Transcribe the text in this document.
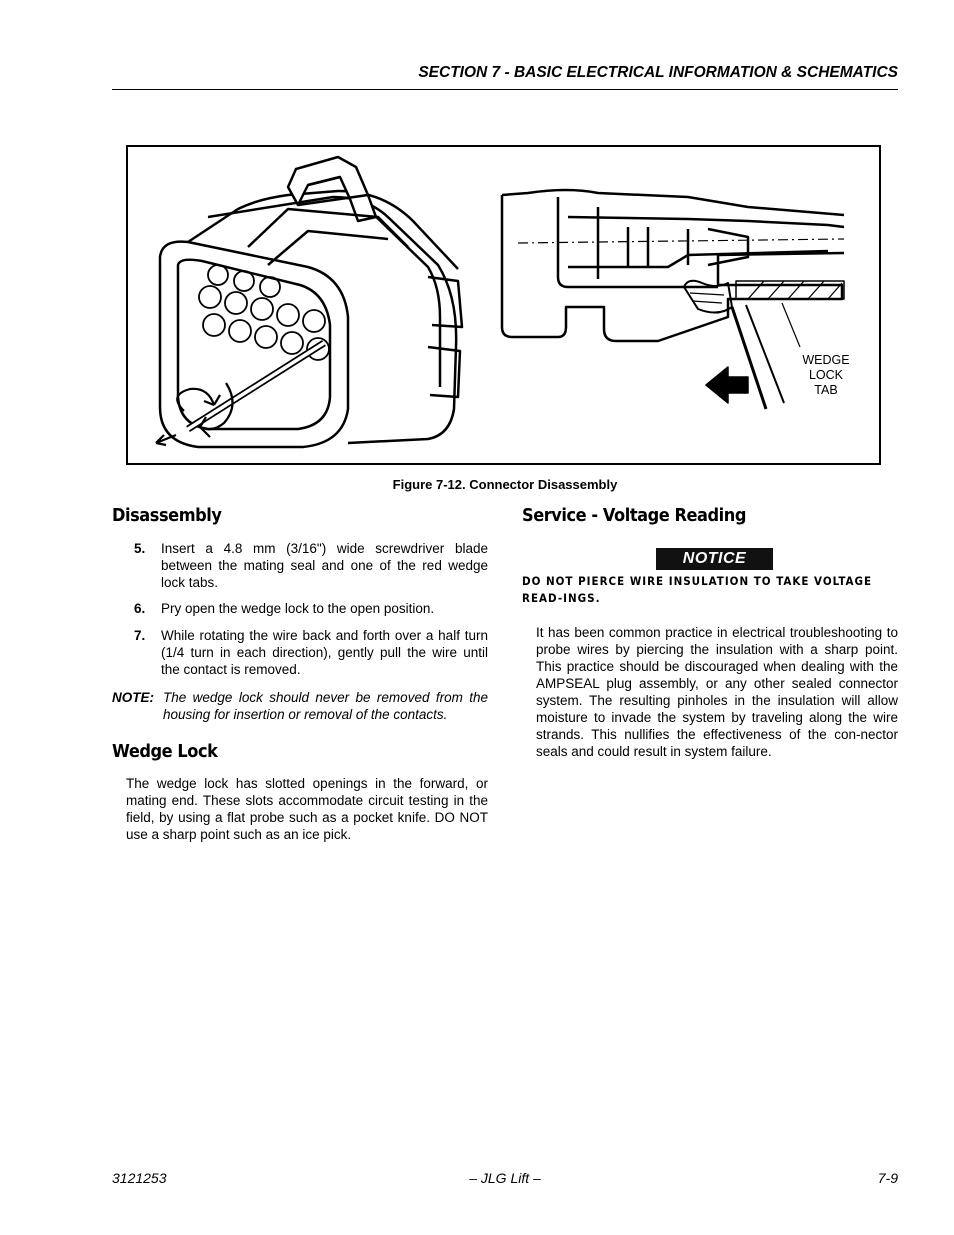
SECTION 7 - BASIC ELECTRICAL INFORMATION & SCHEMATICS
WEDGE
LOCK
TAB
Figure 7-12. Connector Disassembly
Disassembly
5. Insert a 4.8 mm (3/16") wide screwdriver blade between the mating seal and one of the red wedge lock tabs.
6. Pry open the wedge lock to the open position.
7. While rotating the wire back and forth over a half turn (1/4 turn in each direction), gently pull the wire until the contact is removed.
NOTE: The wedge lock should never be removed from the housing for insertion or removal of the contacts.
Wedge Lock
The wedge lock has slotted openings in the forward, or mating end. These slots accommodate circuit testing in the field, by using a flat probe such as a pocket knife. DO NOT use a sharp point such as an ice pick.
Service - Voltage Reading
NOTICE
DO NOT PIERCE WIRE INSULATION TO TAKE VOLTAGE READ-INGS.
It has been common practice in electrical troubleshooting to probe wires by piercing the insulation with a sharp point. This practice should be discouraged when dealing with the AMPSEAL plug assembly, or any other sealed connector system. The resulting pinholes in the insulation will allow moisture to invade the system by traveling along the wire strands. This nullifies the effectiveness of the con-nector seals and could result in system failure.
3121253	– JLG Lift –	7-9
